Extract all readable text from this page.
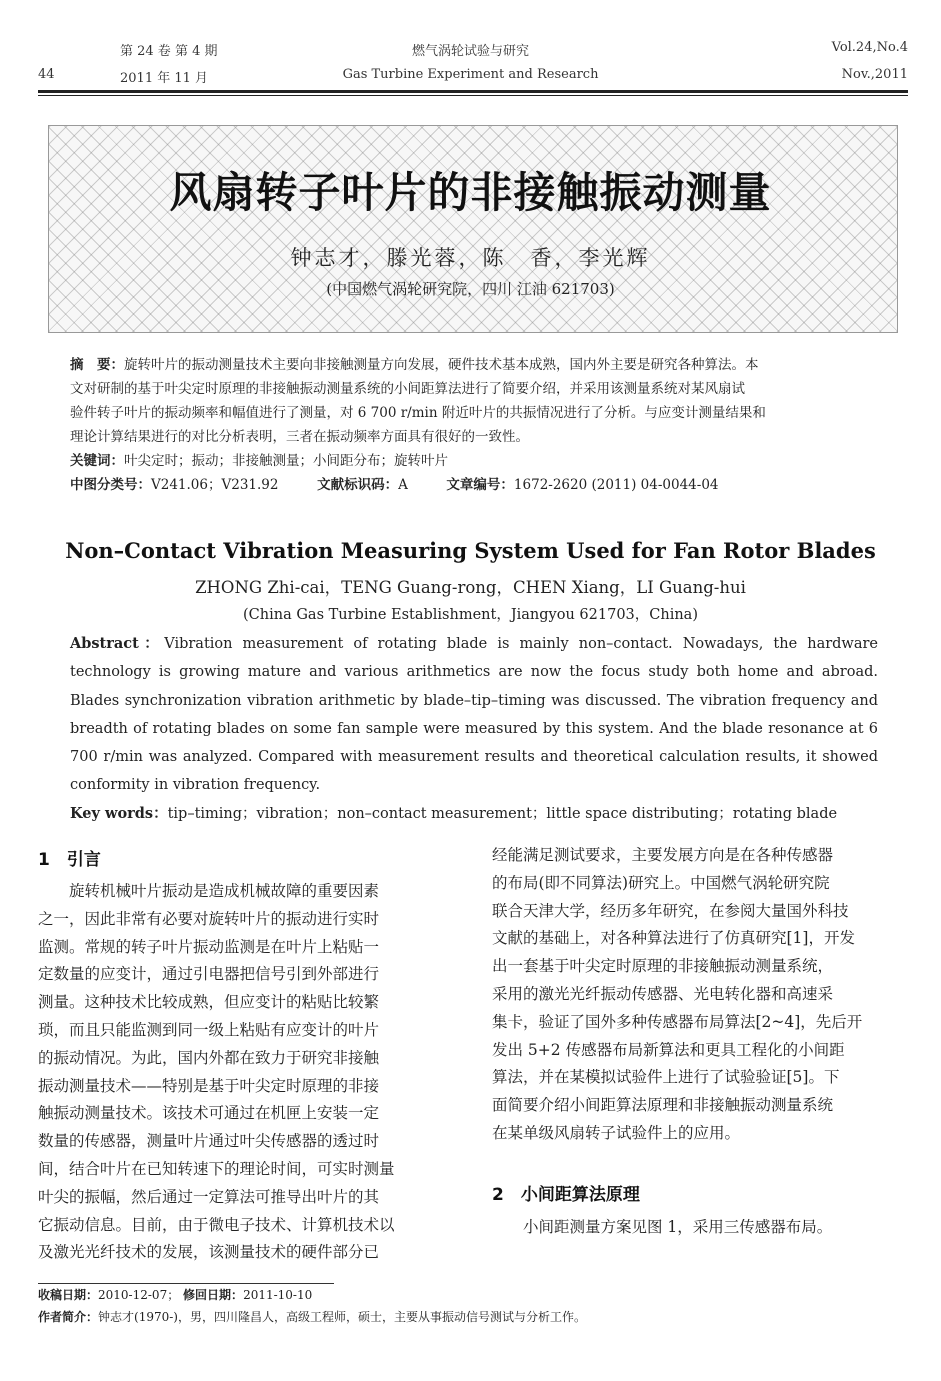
44
第 24 卷 第 4 期
2011 年 11 月
燃气涡轮试验与研究
Gas Turbine Experiment and Research
Vol.24,No.4
Nov.,2011
风扇转子叶片的非接触振动测量
钟志才，滕光蓉，陈　香，李光辉
(中国燃气涡轮研究院，四川 江油 621703)
摘　要：旋转叶片的振动测量技术主要向非接触测量方向发展，硬件技术基本成熟，国内外主要是研究各种算法。本
文对研制的基于叶尖定时原理的非接触振动测量系统的小间距算法进行了简要介绍，并采用该测量系统对某风扇试
验件转子叶片的振动频率和幅值进行了测量，对 6 700 r/min 附近叶片的共振情况进行了分析。与应变计测量结果和
理论计算结果进行的对比分析表明，三者在振动频率方面具有很好的一致性。
关键词：叶尖定时；振动；非接触测量；小间距分布；旋转叶片
中图分类号：V241.06；V231.92	文献标识码：A	文章编号：1672-2620 (2011) 04-0044-04
Non–Contact Vibration Measuring System Used for Fan Rotor Blades
ZHONG Zhi-cai，TENG Guang-rong，CHEN Xiang，LI Guang-hui
(China Gas Turbine Establishment，Jiangyou 621703，China)
Abstract：Vibration measurement of rotating blade is mainly non–contact. Nowadays, the hardware technology is growing mature and various arithmetics are now the focus study both home and abroad. Blades synchronization vibration arithmetic by blade–tip–timing was discussed. The vibration frequency and breadth of rotating blades on some fan sample were measured by this system. And the blade resonance at 6 700 r/min was analyzed. Compared with measurement results and theoretical calculation results, it showed conformity in vibration frequency.
Key words：tip–timing；vibration；non–contact measurement；little space distributing；rotating blade
1　引言
　　旋转机械叶片振动是造成机械故障的重要因素
之一，因此非常有必要对旋转叶片的振动进行实时
监测。常规的转子叶片振动监测是在叶片上粘贴一
定数量的应变计，通过引电器把信号引到外部进行
测量。这种技术比较成熟，但应变计的粘贴比较繁
琐，而且只能监测到同一级上粘贴有应变计的叶片
的振动情况。为此，国内外都在致力于研究非接触
振动测量技术——特别是基于叶尖定时原理的非接
触振动测量技术。该技术可通过在机匣上安装一定
数量的传感器，测量叶片通过叶尖传感器的透过时
间，结合叶片在已知转速下的理论时间，可实时测量
叶尖的振幅，然后通过一定算法可推导出叶片的其
它振动信息。目前，由于微电子技术、计算机技术以
及激光光纤技术的发展，该测量技术的硬件部分已
经能满足测试要求，主要发展方向是在各种传感器
的布局(即不同算法)研究上。中国燃气涡轮研究院
联合天津大学，经历多年研究，在参阅大量国外科技
文献的基础上，对各种算法进行了仿真研究[1]，开发
出一套基于叶尖定时原理的非接触振动测量系统，
采用的激光光纤振动传感器、光电转化器和高速采
集卡，验证了国外多种传感器布局算法[2~4]，先后开
发出 5+2 传感器布局新算法和更具工程化的小间距
算法，并在某模拟试验件上进行了试验验证[5]。下
面简要介绍小间距算法原理和非接触振动测量系统
在某单级风扇转子试验件上的应用。
2　小间距算法原理
　　小间距测量方案见图 1，采用三传感器布局。
收稿日期：2010-12-07； 修回日期：2011-10-10
作者简介：钟志才(1970-)，男，四川隆昌人，高级工程师，硕士，主要从事振动信号测试与分析工作。
